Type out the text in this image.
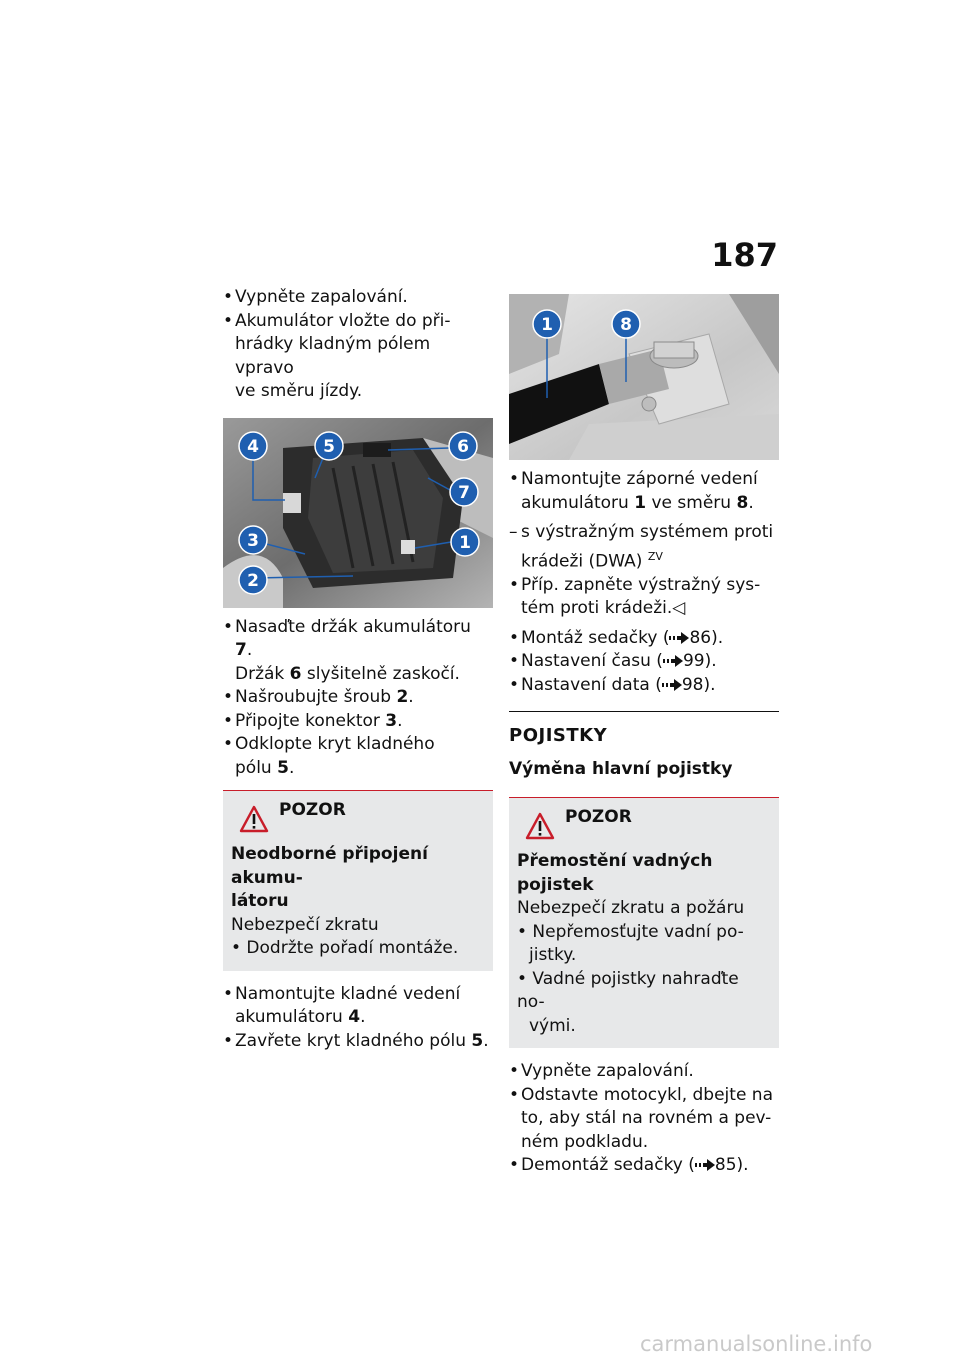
187
• Vypněte zapalování.
• Akumulátor vložte do při-
hrádky kladným pólem vpravo
ve směru jízdy.
4	5	6
7
3	1
2
• Nasaďte držák akumulátoru 7.
Držák 6 slyšitelně zaskočí.
• Našroubujte šroub 2.
• Připojte konektor 3.
• Odklopte kryt kladného
pólu 5.
POZOR
Neodborné připojení akumu-
látoru
Nebezpečí zkratu
• Dodržte pořadí montáže.
• Namontujte kladné vedení
akumulátoru 4.
• Zavřete kryt kladného pólu 5.
1	8
• Namontujte záporné vedení
akumulátoru 1 ve směru 8.
– s výstražným systémem proti
krádeži (DWA) $^{ZV}$
• Příp. zapněte výstražný sys-
tém proti krádeži.◁
• Montáž sedačky ( 86).
• Nastavení času ( 99).
• Nastavení data ( 98).
POJISTKY
Výměna hlavní pojistky
POZOR
Přemostění vadných pojistek
Nebezpečí zkratu a požáru
• Nepřemosťujte vadní po-
jistky.
• Vadné pojistky nahraďte no-
vými.
• Vypněte zapalování.
• Odstavte motocykl, dbejte na
to, aby stál na rovném a pev-
ném podkladu.
• Demontáž sedačky ( 85).
carmanualsonline.info
